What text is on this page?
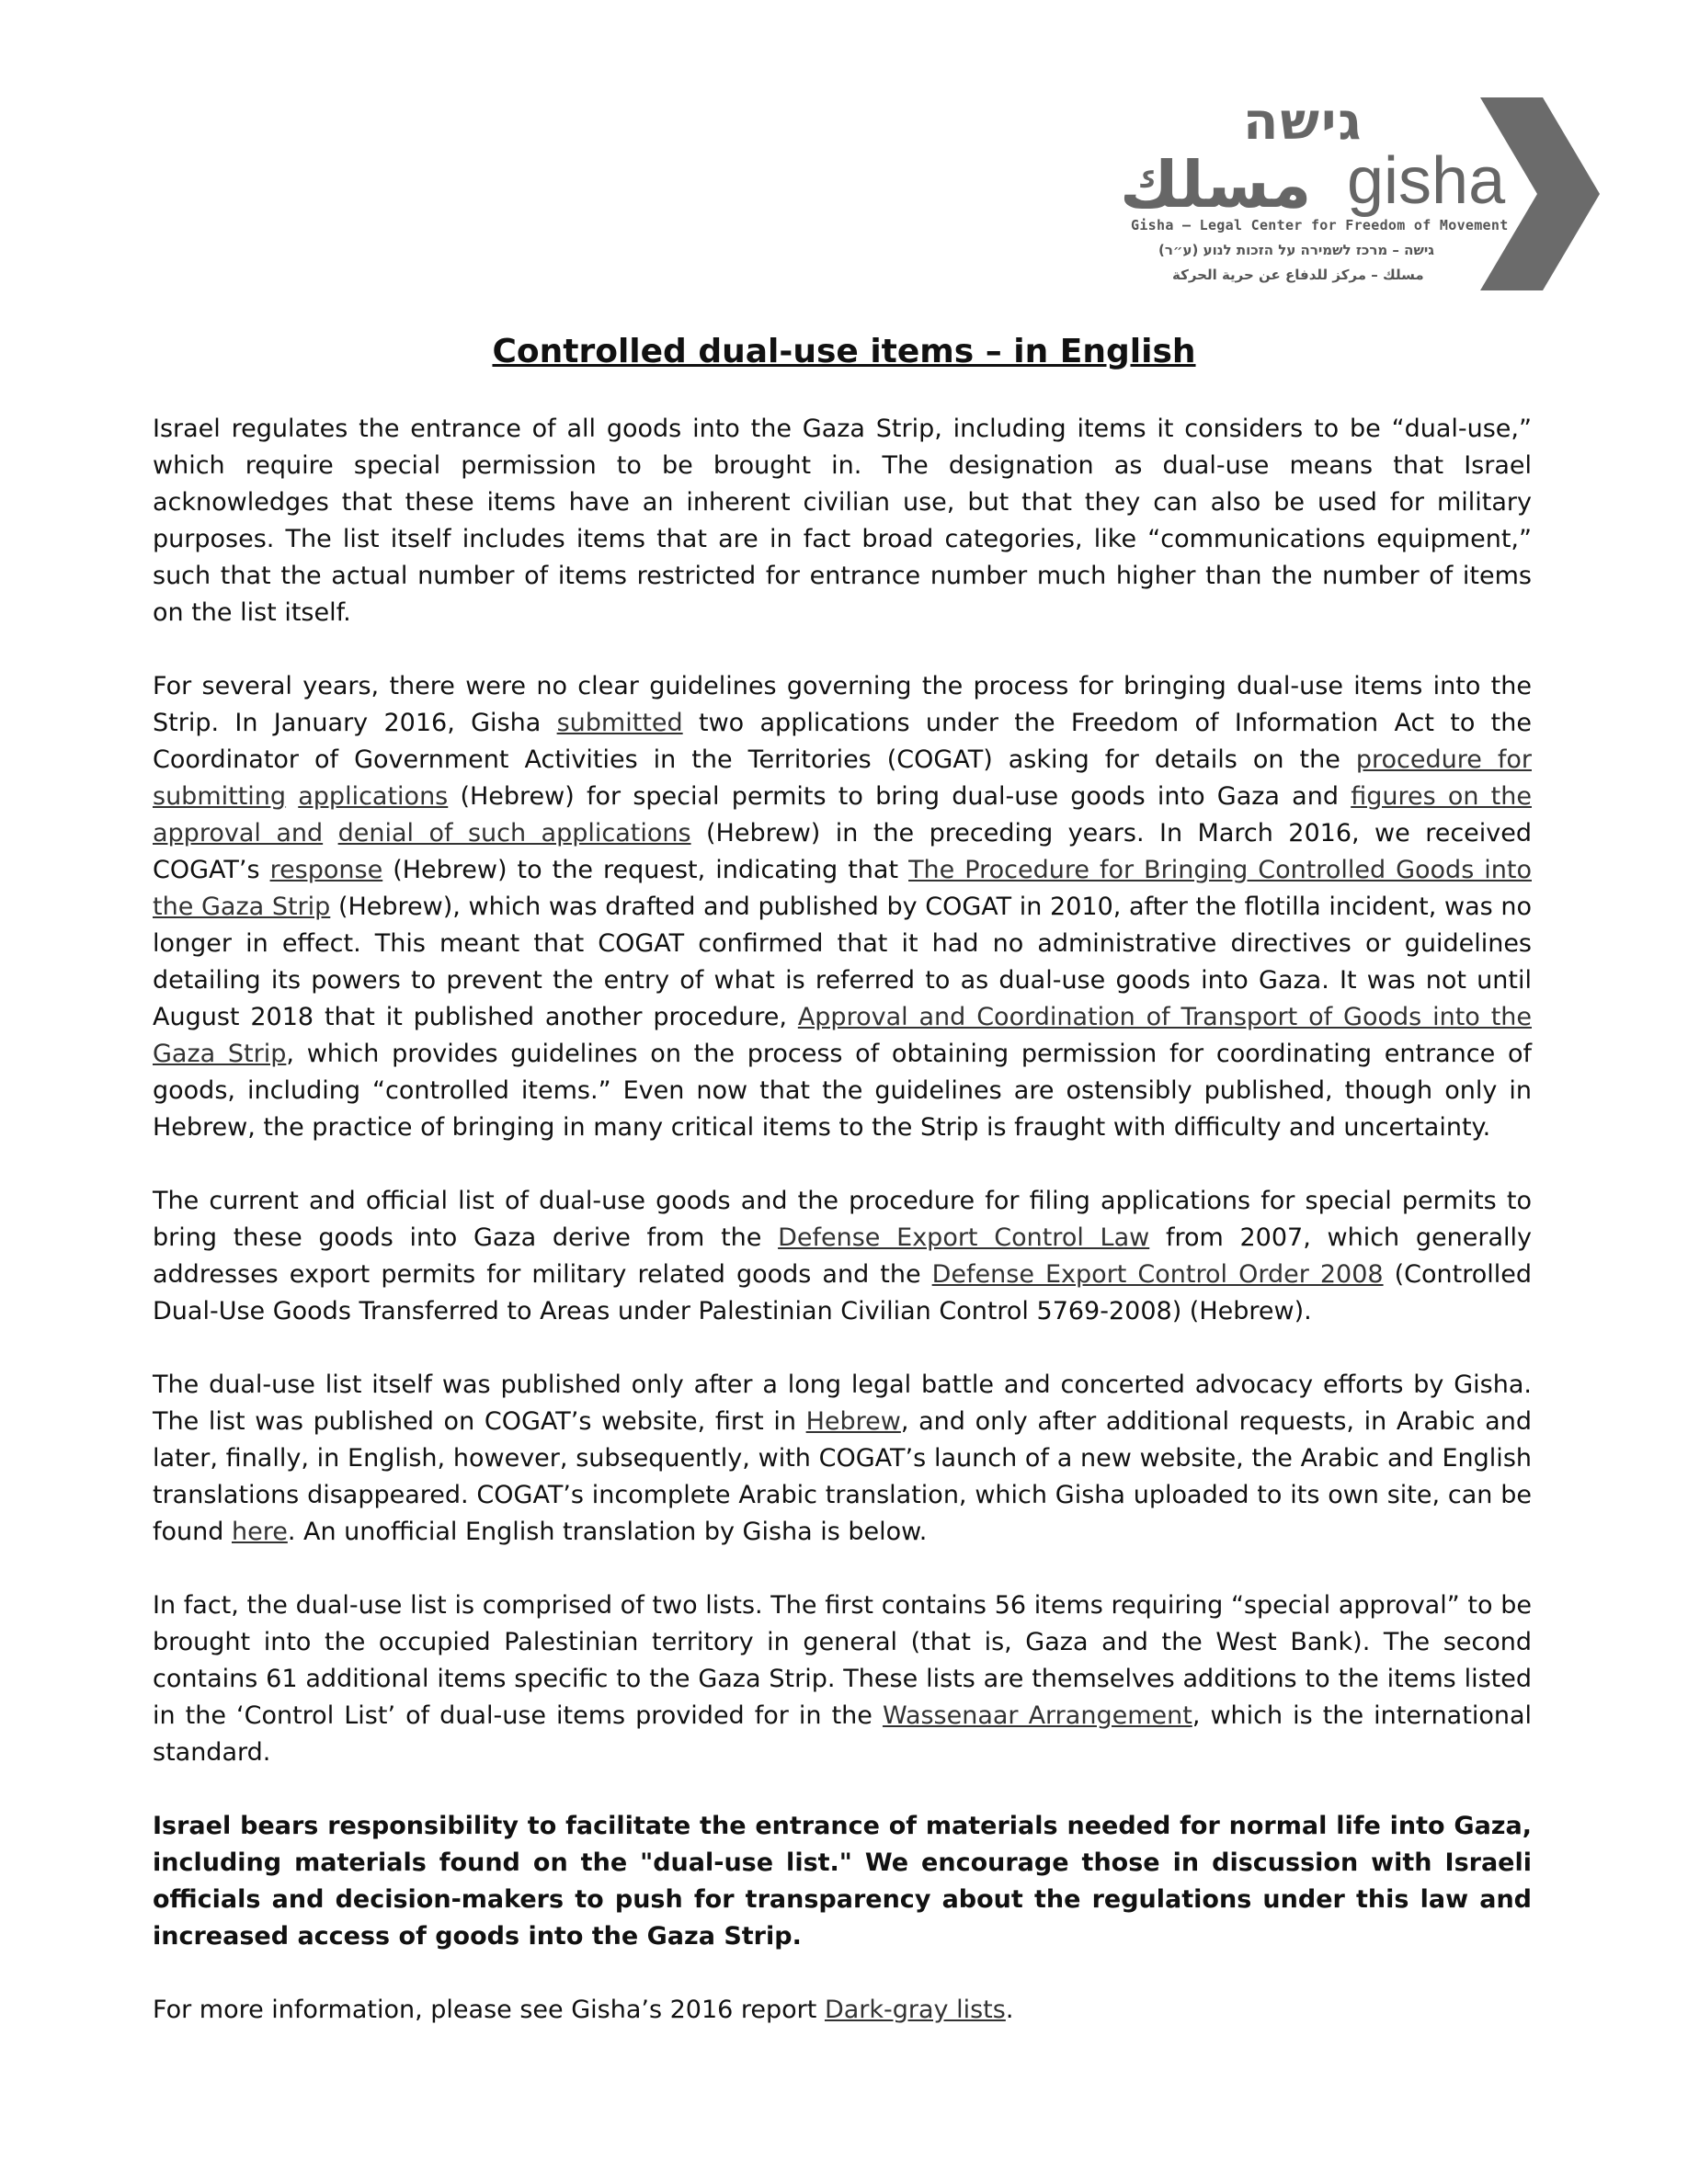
גישה
مسلك gisha
Gisha – Legal Center for Freedom of Movement
גישה – מרכז לשמירה על הזכות לנוע (ע״ר)
مسلك – مركز للدفاع عن حرية الحركة
Controlled dual-use items – in English

Israel regulates the entrance of all goods into the Gaza Strip, including items it considers to be “dual-use,” which require special permission to be brought in. The designation as dual-use means that Israel acknowledges that these items have an inherent civilian use, but that they can also be used for military purposes. The list itself includes items that are in fact broad categories, like “communications equipment,” such that the actual number of items restricted for entrance number much higher than the number of items on the list itself.

For several years, there were no clear guidelines governing the process for bringing dual-use items into the Strip. In January 2016, Gisha submitted two applications under the Freedom of Information Act to the Coordinator of Government Activities in the Territories (COGAT) asking for details on the procedure for submitting applications (Hebrew) for special permits to bring dual-use goods into Gaza and figures on the approval and denial of such applications (Hebrew) in the preceding years. In March 2016, we received COGAT’s response (Hebrew) to the request, indicating that The Procedure for Bringing Controlled Goods into the Gaza Strip (Hebrew), which was drafted and published by COGAT in 2010, after the flotilla incident, was no longer in effect. This meant that COGAT confirmed that it had no administrative directives or guidelines detailing its powers to prevent the entry of what is referred to as dual-use goods into Gaza. It was not until August 2018 that it published another procedure, Approval and Coordination of Transport of Goods into the Gaza Strip, which provides guidelines on the process of obtaining permission for coordinating entrance of goods, including “controlled items.” Even now that the guidelines are ostensibly published, though only in Hebrew, the practice of bringing in many critical items to the Strip is fraught with difficulty and uncertainty.

The current and official list of dual-use goods and the procedure for filing applications for special permits to bring these goods into Gaza derive from the Defense Export Control Law from 2007, which generally addresses export permits for military related goods and the Defense Export Control Order 2008 (Controlled Dual-Use Goods Transferred to Areas under Palestinian Civilian Control 5769-2008) (Hebrew).

The dual-use list itself was published only after a long legal battle and concerted advocacy efforts by Gisha. The list was published on COGAT’s website, first in Hebrew, and only after additional requests, in Arabic and later, finally, in English, however, subsequently, with COGAT’s launch of a new website, the Arabic and English translations disappeared. COGAT’s incomplete Arabic translation, which Gisha uploaded to its own site, can be found here. An unofficial English translation by Gisha is below.

In fact, the dual-use list is comprised of two lists. The first contains 56 items requiring “special approval” to be brought into the occupied Palestinian territory in general (that is, Gaza and the West Bank). The second contains 61 additional items specific to the Gaza Strip. These lists are themselves additions to the items listed in the ‘Control List’ of dual-use items provided for in the Wassenaar Arrangement, which is the international standard.

Israel bears responsibility to facilitate the entrance of materials needed for normal life into Gaza, including materials found on the "dual-use list." We encourage those in discussion with Israeli officials and decision-makers to push for transparency about the regulations under this law and increased access of goods into the Gaza Strip.

For more information, please see Gisha’s 2016 report Dark-gray lists.
